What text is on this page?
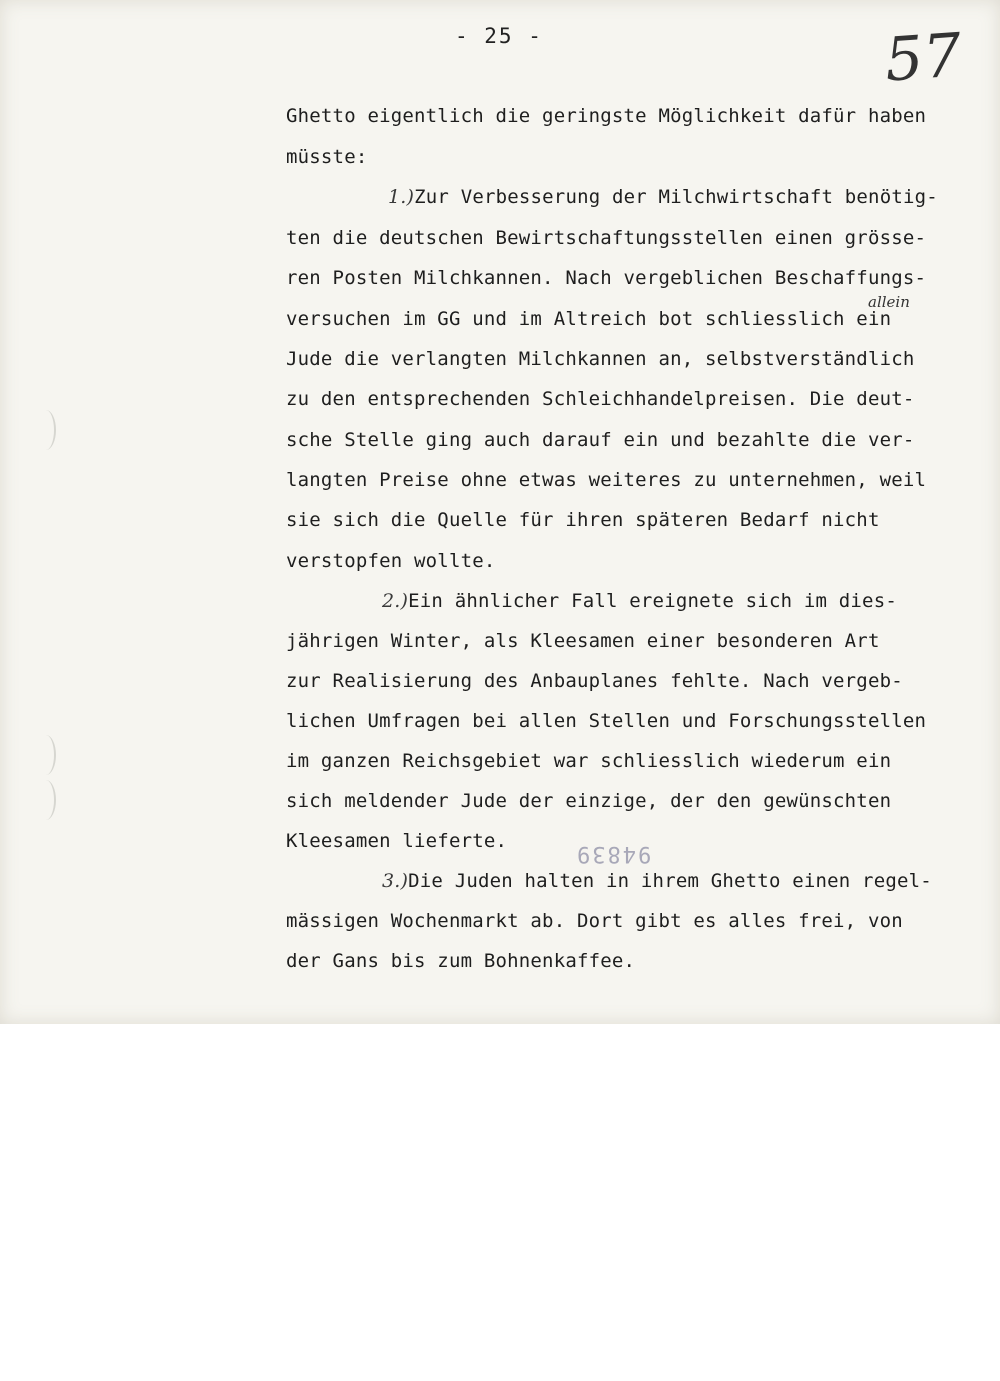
- 25 -	57
Ghetto eigentlich die geringste Möglichkeit dafür haben
müsste:
1.)Zur Verbesserung der Milchwirtschaft benötig-
ten die deutschen Bewirtschaftungsstellen einen grösse-
ren Posten Milchkannen. Nach vergeblichen Beschaffungs-
allein
versuchen im GG und im Altreich bot schliesslich ein
Jude die verlangten Milchkannen an, selbstverständlich
zu den entsprechenden Schleichhandelpreisen. Die deut-
sche Stelle ging auch darauf ein und bezahlte die ver-
langten Preise ohne etwas weiteres zu unternehmen, weil
sie sich die Quelle für ihren späteren Bedarf nicht
verstopfen wollte.
2.)Ein ähnlicher Fall ereignete sich im dies-
jährigen Winter, als Kleesamen einer besonderen Art
zur Realisierung des Anbauplanes fehlte. Nach vergeb-
lichen Umfragen bei allen Stellen und Forschungsstellen
im ganzen Reichsgebiet war schliesslich wiederum ein
sich meldender Jude der einzige, der den gewünschten
Kleesamen lieferte.	94839
3.)Die Juden halten in ihrem Ghetto einen regel-
mässigen Wochenmarkt ab. Dort gibt es alles frei, von
der Gans bis zum Bohnenkaffee.
